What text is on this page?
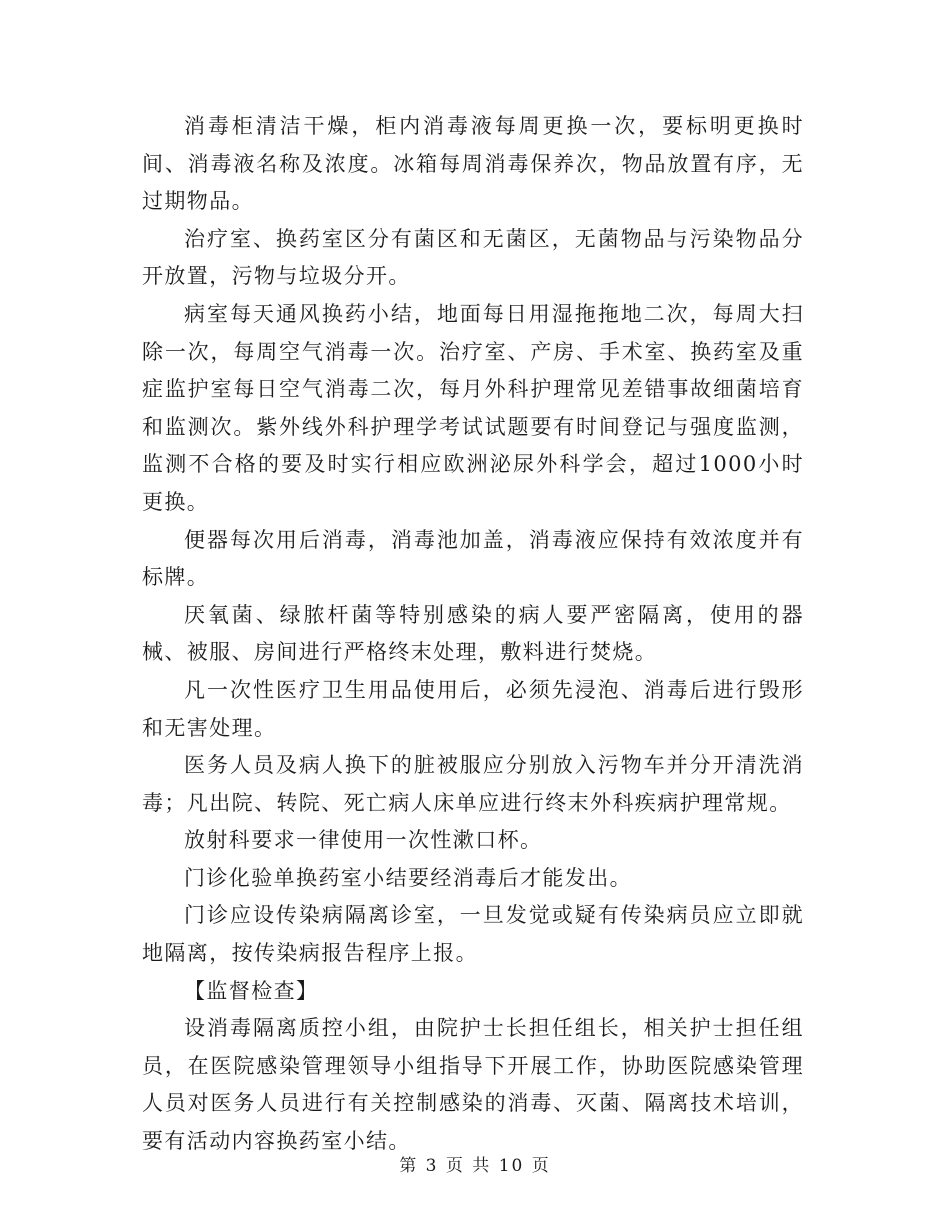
消毒柜清洁干燥，柜内消毒液每周更换一次，要标明更换时间、消毒液名称及浓度。冰箱每周消毒保养次，物品放置有序，无过期物品。

治疗室、换药室区分有菌区和无菌区，无菌物品与污染物品分开放置，污物与垃圾分开。

病室每天通风换药小结，地面每日用湿拖拖地二次，每周大扫除一次，每周空气消毒一次。治疗室、产房、手术室、换药室及重症监护室每日空气消毒二次，每月外科护理常见差错事故细菌培育和监测次。紫外线外科护理学考试试题要有时间登记与强度监测，监测不合格的要及时实行相应欧洲泌尿外科学会，超过1000小时更换。

便器每次用后消毒，消毒池加盖，消毒液应保持有效浓度并有标牌。

厌氧菌、绿脓杆菌等特别感染的病人要严密隔离，使用的器械、被服、房间进行严格终末处理，敷料进行焚烧。

凡一次性医疗卫生用品使用后，必须先浸泡、消毒后进行毁形和无害处理。

医务人员及病人换下的脏被服应分别放入污物车并分开清洗消毒；凡出院、转院、死亡病人床单应进行终末外科疾病护理常规。

放射科要求一律使用一次性漱口杯。

门诊化验单换药室小结要经消毒后才能发出。

门诊应设传染病隔离诊室，一旦发觉或疑有传染病员应立即就地隔离，按传染病报告程序上报。

【监督检查】

设消毒隔离质控小组，由院护士长担任组长，相关护士担任组员，在医院感染管理领导小组指导下开展工作，协助医院感染管理人员对医务人员进行有关控制感染的消毒、灭菌、隔离技术培训，要有活动内容换药室小结。

第 3 页 共 10 页
